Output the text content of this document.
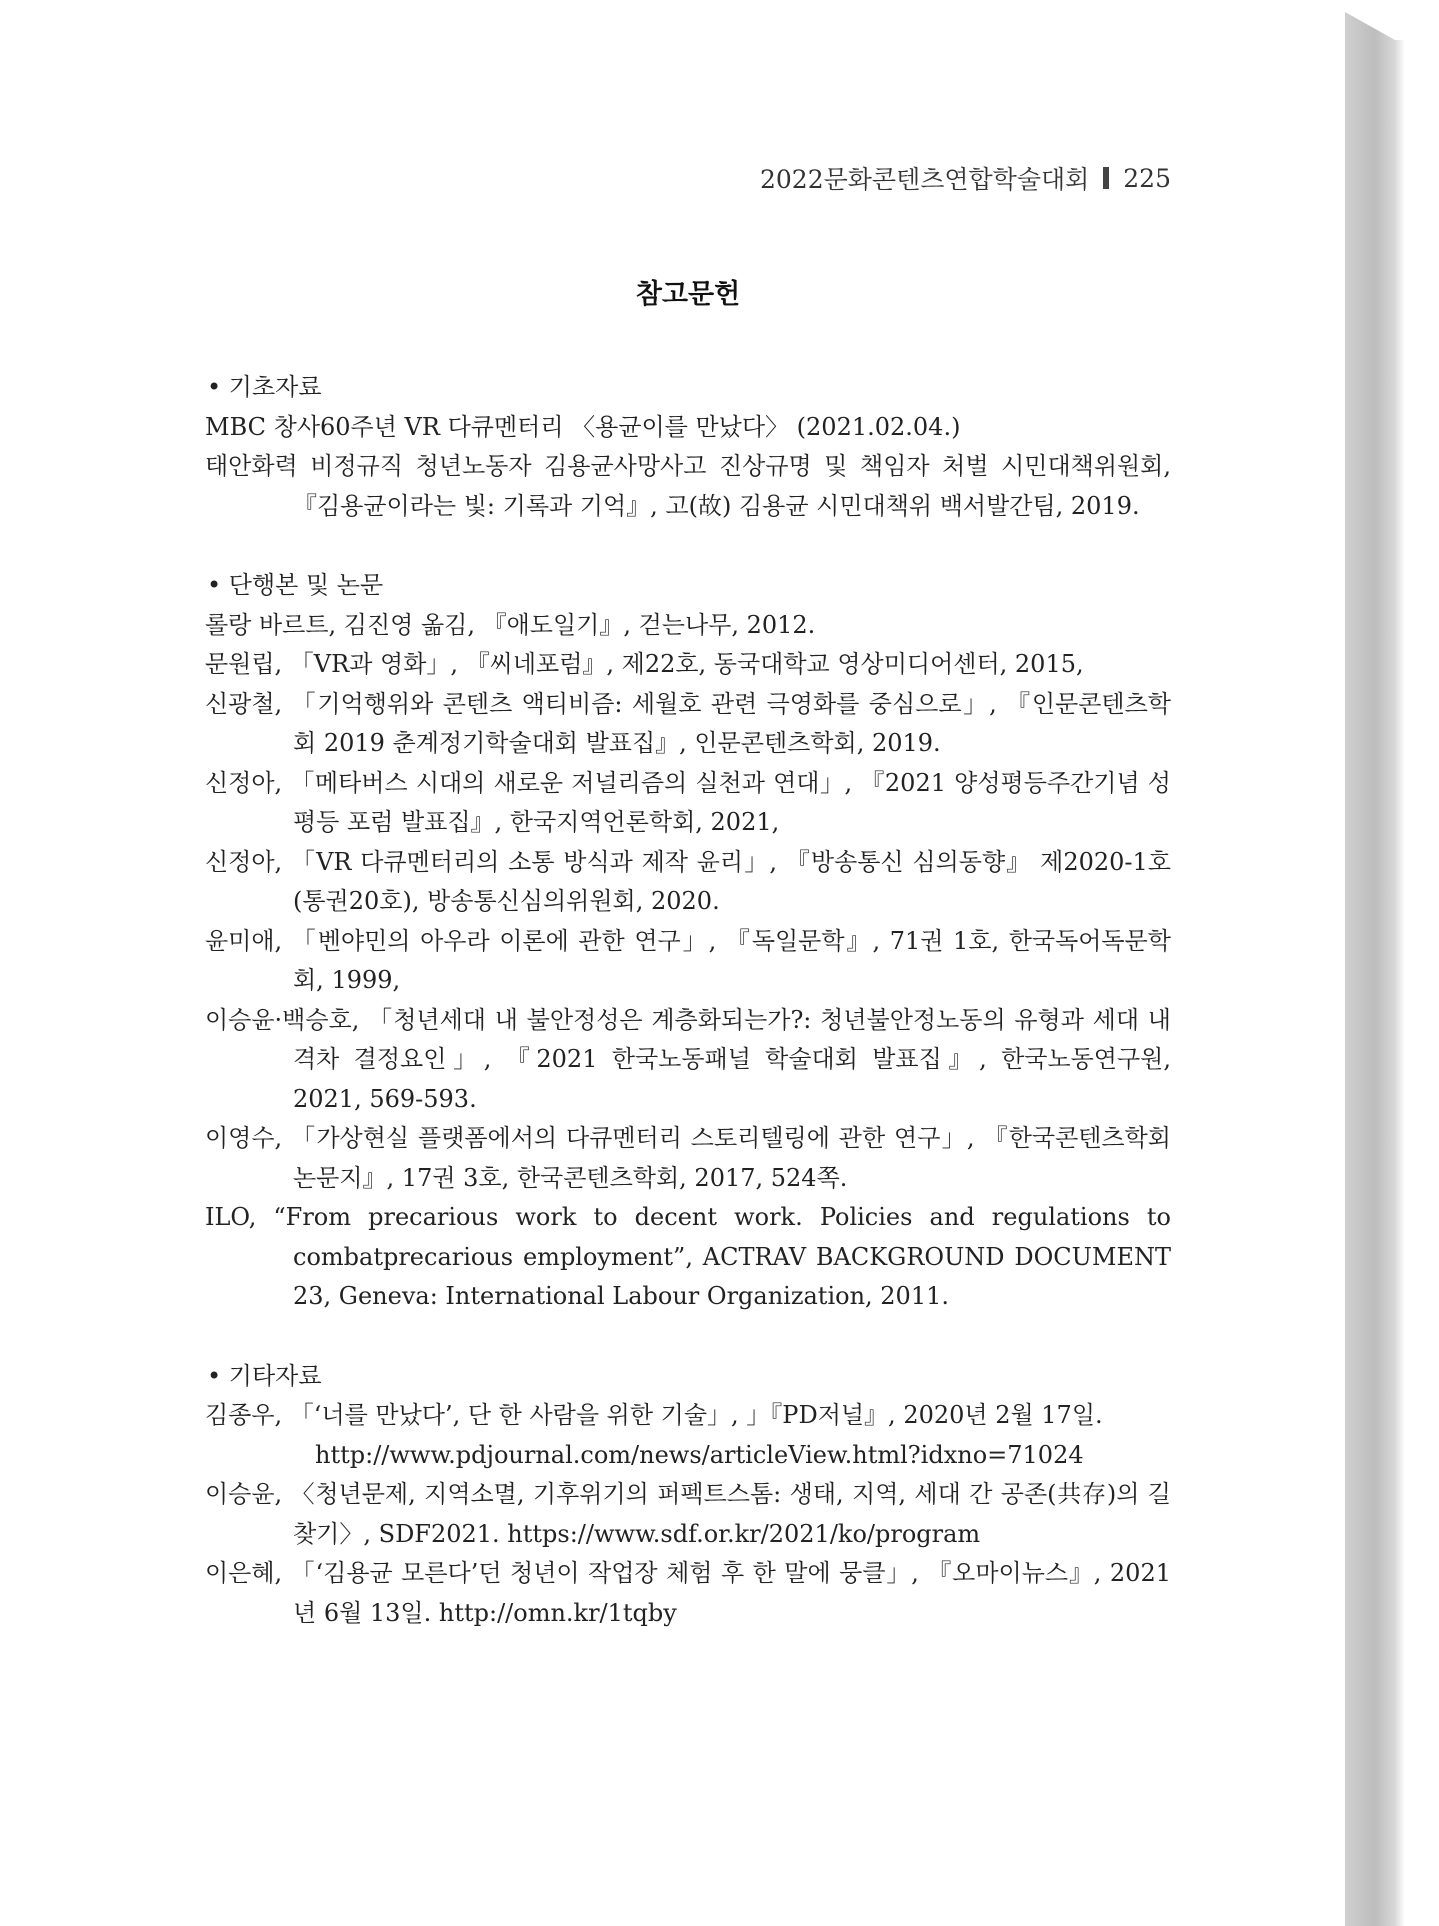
2022문화콘텐츠연합학술대회 225
참고문헌

• 기초자료

MBC 창사60주년 VR 다큐멘터리 〈용균이를 만났다〉 (2021.02.04.)

태안화력 비정규직 청년노동자 김용균사망사고 진상규명 및 책임자 처벌 시민대책위원회, 『김용균이라는 빛: 기록과 기억』, 고(故) 김용균 시민대책위 백서발간팀, 2019.

• 단행본 및 논문

롤랑 바르트, 김진영 옮김, 『애도일기』, 걷는나무, 2012.

문원립, 「VR과 영화」, 『씨네포럼』, 제22호, 동국대학교 영상미디어센터, 2015,

신광철, 「기억행위와 콘텐츠 액티비즘: 세월호 관련 극영화를 중심으로」, 『인문콘텐츠학회 2019 춘계정기학술대회 발표집』, 인문콘텐츠학회, 2019.

신정아, 「메타버스 시대의 새로운 저널리즘의 실천과 연대」, 『2021 양성평등주간기념 성평등 포럼 발표집』, 한국지역언론학회, 2021,

신정아, 「VR 다큐멘터리의 소통 방식과 제작 윤리」, 『방송통신 심의동향』 제2020-1호(통권20호), 방송통신심의위원회, 2020.

윤미애, 「벤야민의 아우라 이론에 관한 연구」, 『독일문학』, 71권 1호, 한국독어독문학회, 1999,

이승윤·백승호, 「청년세대 내 불안정성은 계층화되는가?: 청년불안정노동의 유형과 세대 내 격차 결정요인」, 『2021 한국노동패널 학술대회 발표집』, 한국노동연구원, 2021, 569-593.

이영수, 「가상현실 플랫폼에서의 다큐멘터리 스토리텔링에 관한 연구」, 『한국콘텐츠학회논문지』, 17권 3호, 한국콘텐츠학회, 2017, 524쪽.

ILO, “From precarious work to decent work. Policies and regulations to combatprecarious employment”, ACTRAV BACKGROUND DOCUMENT 23, Geneva: International Labour Organization, 2011.

• 기타자료

김종우, 「‘너를 만났다’, 단 한 사람을 위한 기술」, 」『PD저널』, 2020년 2월 17일.
http://www.pdjournal.com/news/articleView.html?idxno=71024

이승윤, 〈청년문제, 지역소멸, 기후위기의 퍼펙트스톰: 생태, 지역, 세대 간 공존(共存)의 길 찾기〉, SDF2021. https://www.sdf.or.kr/2021/ko/program

이은혜, 「‘김용균 모른다’던 청년이 작업장 체험 후 한 말에 뭉클」, 『오마이뉴스』, 2021년 6월 13일. http://omn.kr/1tqby
